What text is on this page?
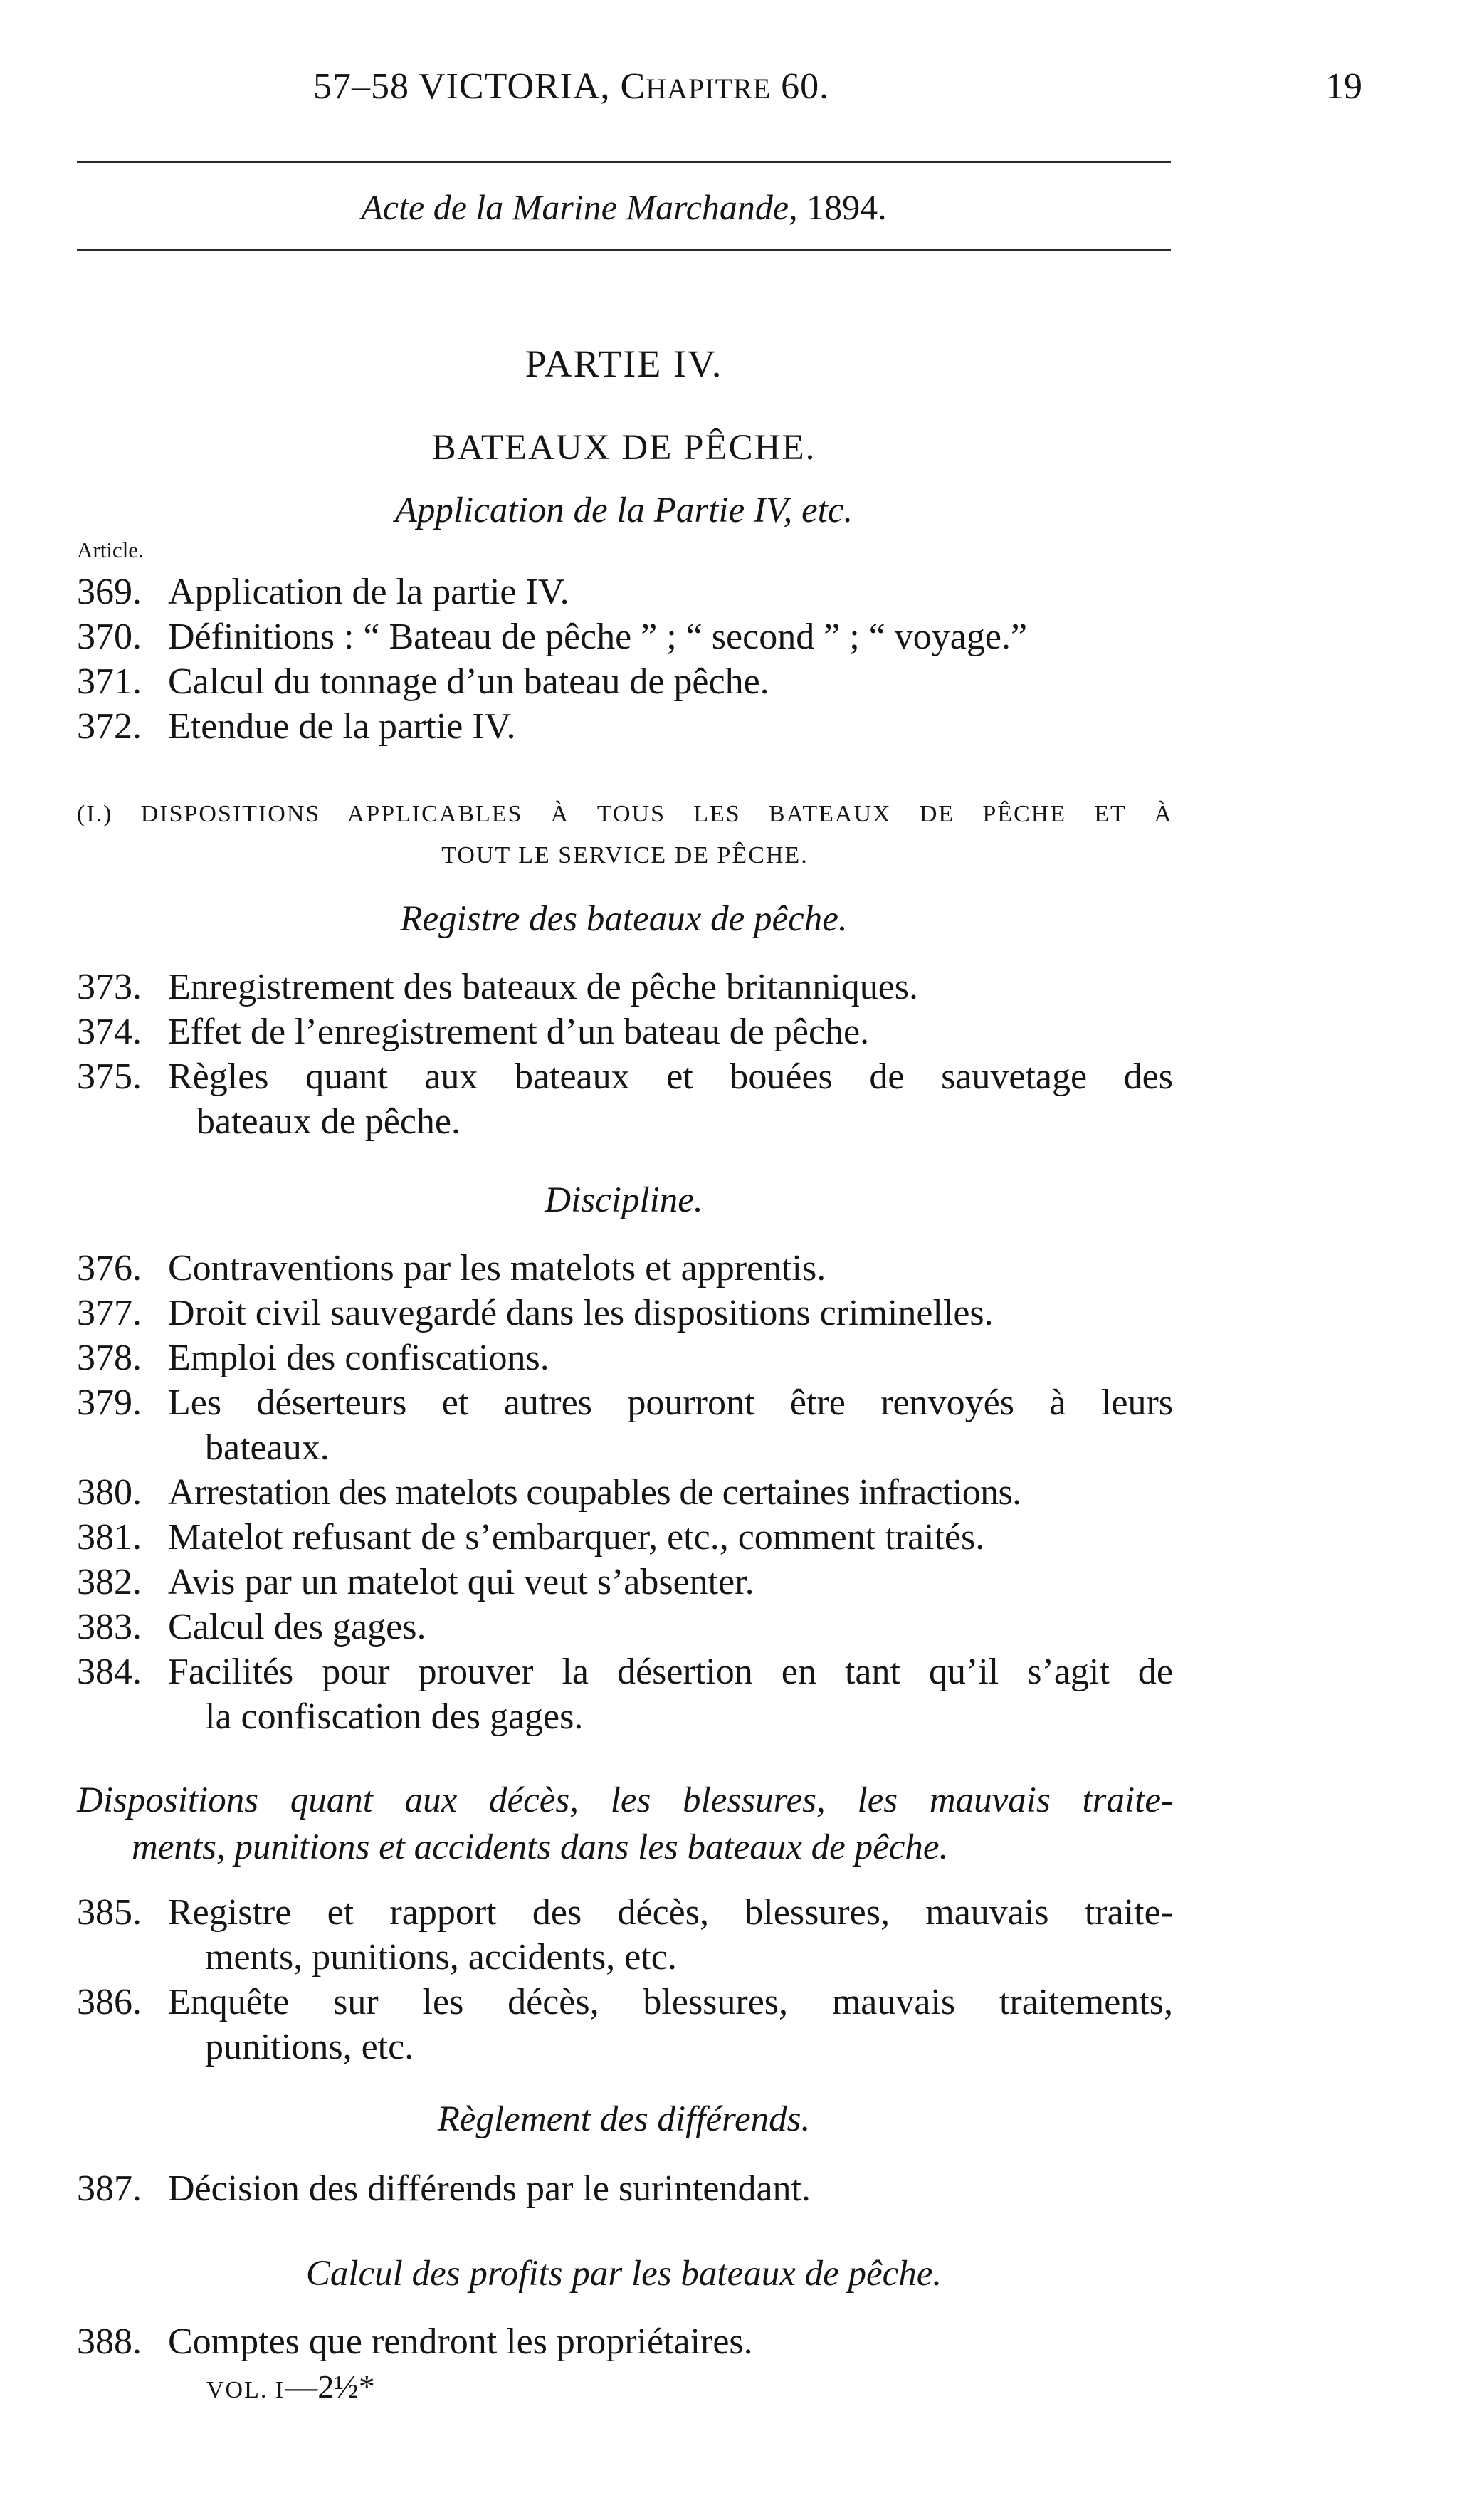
57–58 VICTORIA, CHAPITRE 60.	19
Acte de la Marine Marchande, 1894.
PARTIE IV.
BATEAUX DE PÊCHE.
Application de la Partie IV, etc.
Article.
369. Application de la partie IV.
370. Définitions : “ Bateau de pêche ” ; “ second ” ; “ voyage.”
371. Calcul du tonnage d’un bateau de pêche.
372. Etendue de la partie IV.
(I.) DISPOSITIONS APPLICABLES À TOUS LES BATEAUX DE PÊCHE ET À
TOUT LE SERVICE DE PÊCHE.
Registre des bateaux de pêche.
373. Enregistrement des bateaux de pêche britanniques.
374. Effet de l’enregistrement d’un bateau de pêche.
375. Règles quant aux bateaux et bouées de sauvetage des
bateaux de pêche.
Discipline.
376. Contraventions par les matelots et apprentis.
377. Droit civil sauvegardé dans les dispositions criminelles.
378. Emploi des confiscations.
379. Les déserteurs et autres pourront être renvoyés à leurs
bateaux.
380. Arrestation des matelots coupables de certaines infractions.
381. Matelot refusant de s’embarquer, etc., comment traités.
382. Avis par un matelot qui veut s’absenter.
383. Calcul des gages.
384. Facilités pour prouver la désertion en tant qu’il s’agit de
la confiscation des gages.
Dispositions quant aux décès, les blessures, les mauvais traite-
ments, punitions et accidents dans les bateaux de pêche.
385. Registre et rapport des décès, blessures, mauvais traite-
ments, punitions, accidents, etc.
386. Enquête sur les décès, blessures, mauvais traitements,
punitions, etc.
Règlement des différends.
387. Décision des différends par le surintendant.
Calcul des profits par les bateaux de pêche.
388. Comptes que rendront les propriétaires.
VOL. I—2½*
